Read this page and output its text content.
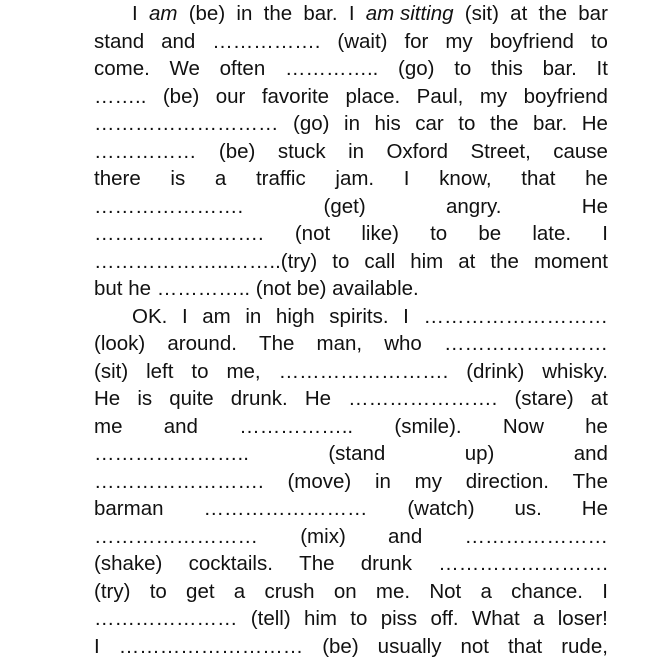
I am (be) in the bar. I am sitting (sit) at the bar
stand and ……………. (wait) for my boyfriend to
come. We often ………….. (go) to this bar. It
…….. (be) our favorite place. Paul, my boyfriend
……………………… (go) in his car to the bar. He
…………… (be) stuck in Oxford Street, cause
there is a traffic jam. I know, that he
………………….	(get)	angry.	He
……………………. (not like) to be late. I
………………..……..(try) to call him at the moment
but he ………….. (not be) available.
OK. I am in high spirits. I ………………………
(look) around. The man, who ……………………
(sit) left to me, ……………………. (drink) whisky.
He is quite drunk. He …………………. (stare) at
me and …………….. (smile). Now he
…………………..	(stand	up)	and
……………………. (move) in my direction. The
barman …………………… (watch) us. He
…………………… (mix) and …………………
(shake) cocktails. The drunk …………………….
(try) to get a crush on me. Not a chance. I
………………… (tell) him to piss off. What a loser!
I ……………………… (be) usually not that rude,
